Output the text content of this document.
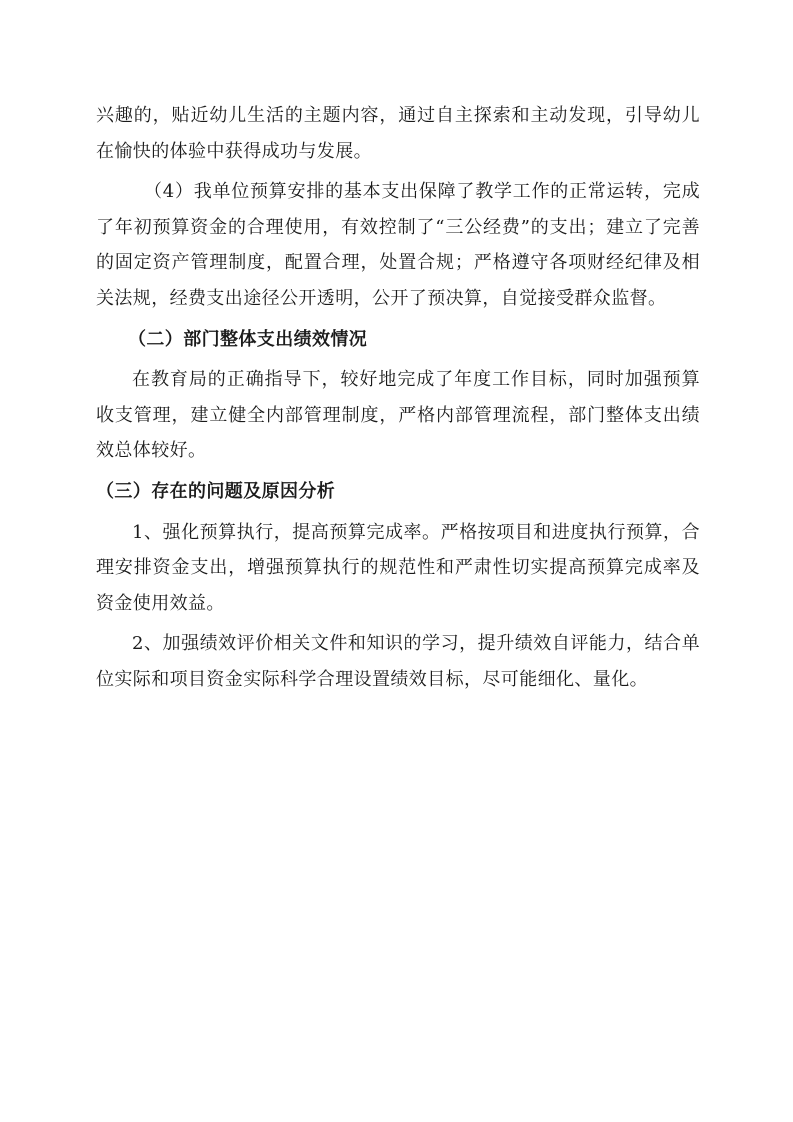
兴趣的，贴近幼儿生活的主题内容，通过自主探索和主动发现，引导幼儿在愉快的体验中获得成功与发展。

（4）我单位预算安排的基本支出保障了教学工作的正常运转，完成了年初预算资金的合理使用，有效控制了“三公经费”的支出；建立了完善的固定资产管理制度，配置合理，处置合规；严格遵守各项财经纪律及相关法规，经费支出途径公开透明，公开了预决算，自觉接受群众监督。

（二）部门整体支出绩效情况

在教育局的正确指导下，较好地完成了年度工作目标，同时加强预算收支管理，建立健全内部管理制度，严格内部管理流程，部门整体支出绩效总体较好。

（三）存在的问题及原因分析

1、强化预算执行，提高预算完成率。严格按项目和进度执行预算，合理安排资金支出，增强预算执行的规范性和严肃性切实提高预算完成率及资金使用效益。

2、加强绩效评价相关文件和知识的学习，提升绩效自评能力，结合单位实际和项目资金实际科学合理设置绩效目标，尽可能细化、量化。
